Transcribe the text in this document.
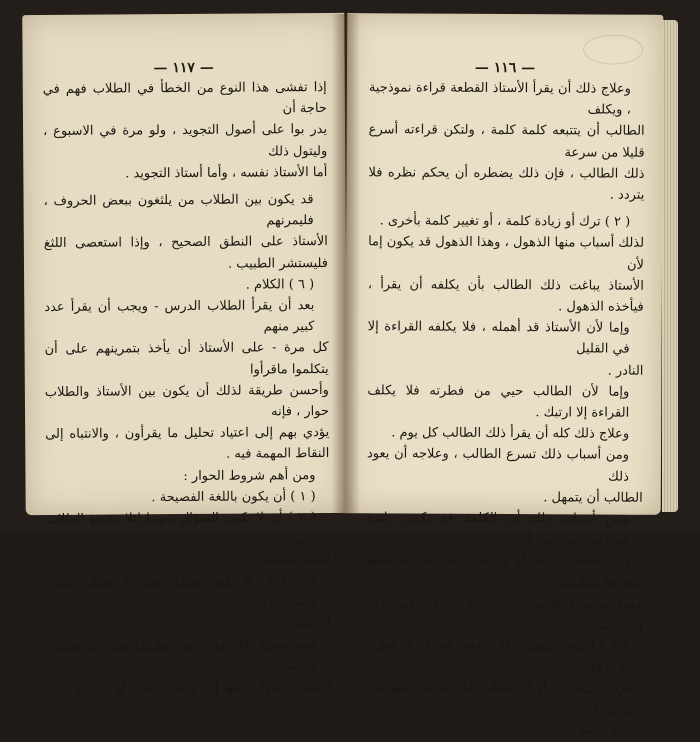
— ١١٧ —

إذا تفشى هذا النوع من الخطأ في الطلاب فهم في حاجة أن

يدر بوا على أصول التجويد ، ولو مرة في الاسبوع ، وليتول ذلك

أما الأستاذ نفسه ، وأما أستاذ التجويد .

قد يكون بين الطلاب من يلثغون ببعض الحروف ، فليمرنهم

الأستاذ على النطق الصحيح ، وإذا استعصى اللثغ فليستشر الطبيب .

( ٦ ) الكلام .

بعد أن يقرأ الطلاب الدرس - ويجب أن يقرأ عدد كبير منهم

كل مرة - على الأستاذ أن يأخذ بتمرينهم على أن يتكلموا ماقرأوا

وأحسن طريقة لذلك أن يكون بين الأستاذ والطلاب حوار ، فإنه

يؤدي بهم إلى اعتياد تحليل ما يقرأون ، والانتباه إلى النقاط المهمة فيه .

ومن أهم شروط الحوار :

( ١ ) أن يكون باللغة الفصيحة .

( ٢ ) أن لا يكون السؤال مبهما لئلا يشجع الطلاب على

اعتياد الحدس .

( ٣ ) أن لا يكون ضيقاً بحيث لا يعطي مجالا لشخصية الطالب

أن تظهر .

ليس شيء أقل الهاما من سلسلة سؤالات قصيرة مختصرة

لا يحتاج الجواب عنها إلى إعمال الفكر أو الذاكرة .

— ١١٦ —

وعلاج ذلك أن يقرأ الأستاذ القطعة قراءة نموذجية ، ويكلف

الطالب أن يتتبعه كلمة كلمة ، ولتكن قراءته أسرع قليلا من سرعة

ذلك الطالب ، فإن ذلك يضطره أن يحكم نظره فلا يتردد .

( ٢ ) ترك أو زيادة كلمة ، أو تغيير كلمة بأخرى .

لذلك أسباب منها الذهول ، وهذا الذهول قد يكون إما لأن

الأستاذ يباغت ذلك الطالب بأن يكلفه أن يقرأ ، فيأخذه الذهول .

وإما لأن الأستاذ قد أهمله ، فلا يكلفه القراءة إلا في القليل

النادر .

وإما لأن الطالب حيي من فطرته فلا يكلف القراءة إلا ارتبك .

وعلاج ذلك كله أن يقرأ ذلك الطالب كل يوم .

ومن أسباب ذلك تسرع الطالب ، وعلاجه أن يعود ذلك

الطالب أن يتمهل .

ومن أسباب ذلك أن الكلمة قد تكون زائدة فيحذفها الطالب ، أو

تكون ناقصة فيزيدها أو قد تكون في غير موضعها فيغيرها بسليقته ،

وهذا نبه من الطالب حرى بالثناء وإن كان في حاجة إلى التنبيه .

( ٣ ) إساءة اللفظ ، كأن يفخم الحرف الرقيق ، أو يرقق

الحرف المفخم ، أو أن تعطى الحركة غير حقها من اختلاس أو

إشباع أو مد .
